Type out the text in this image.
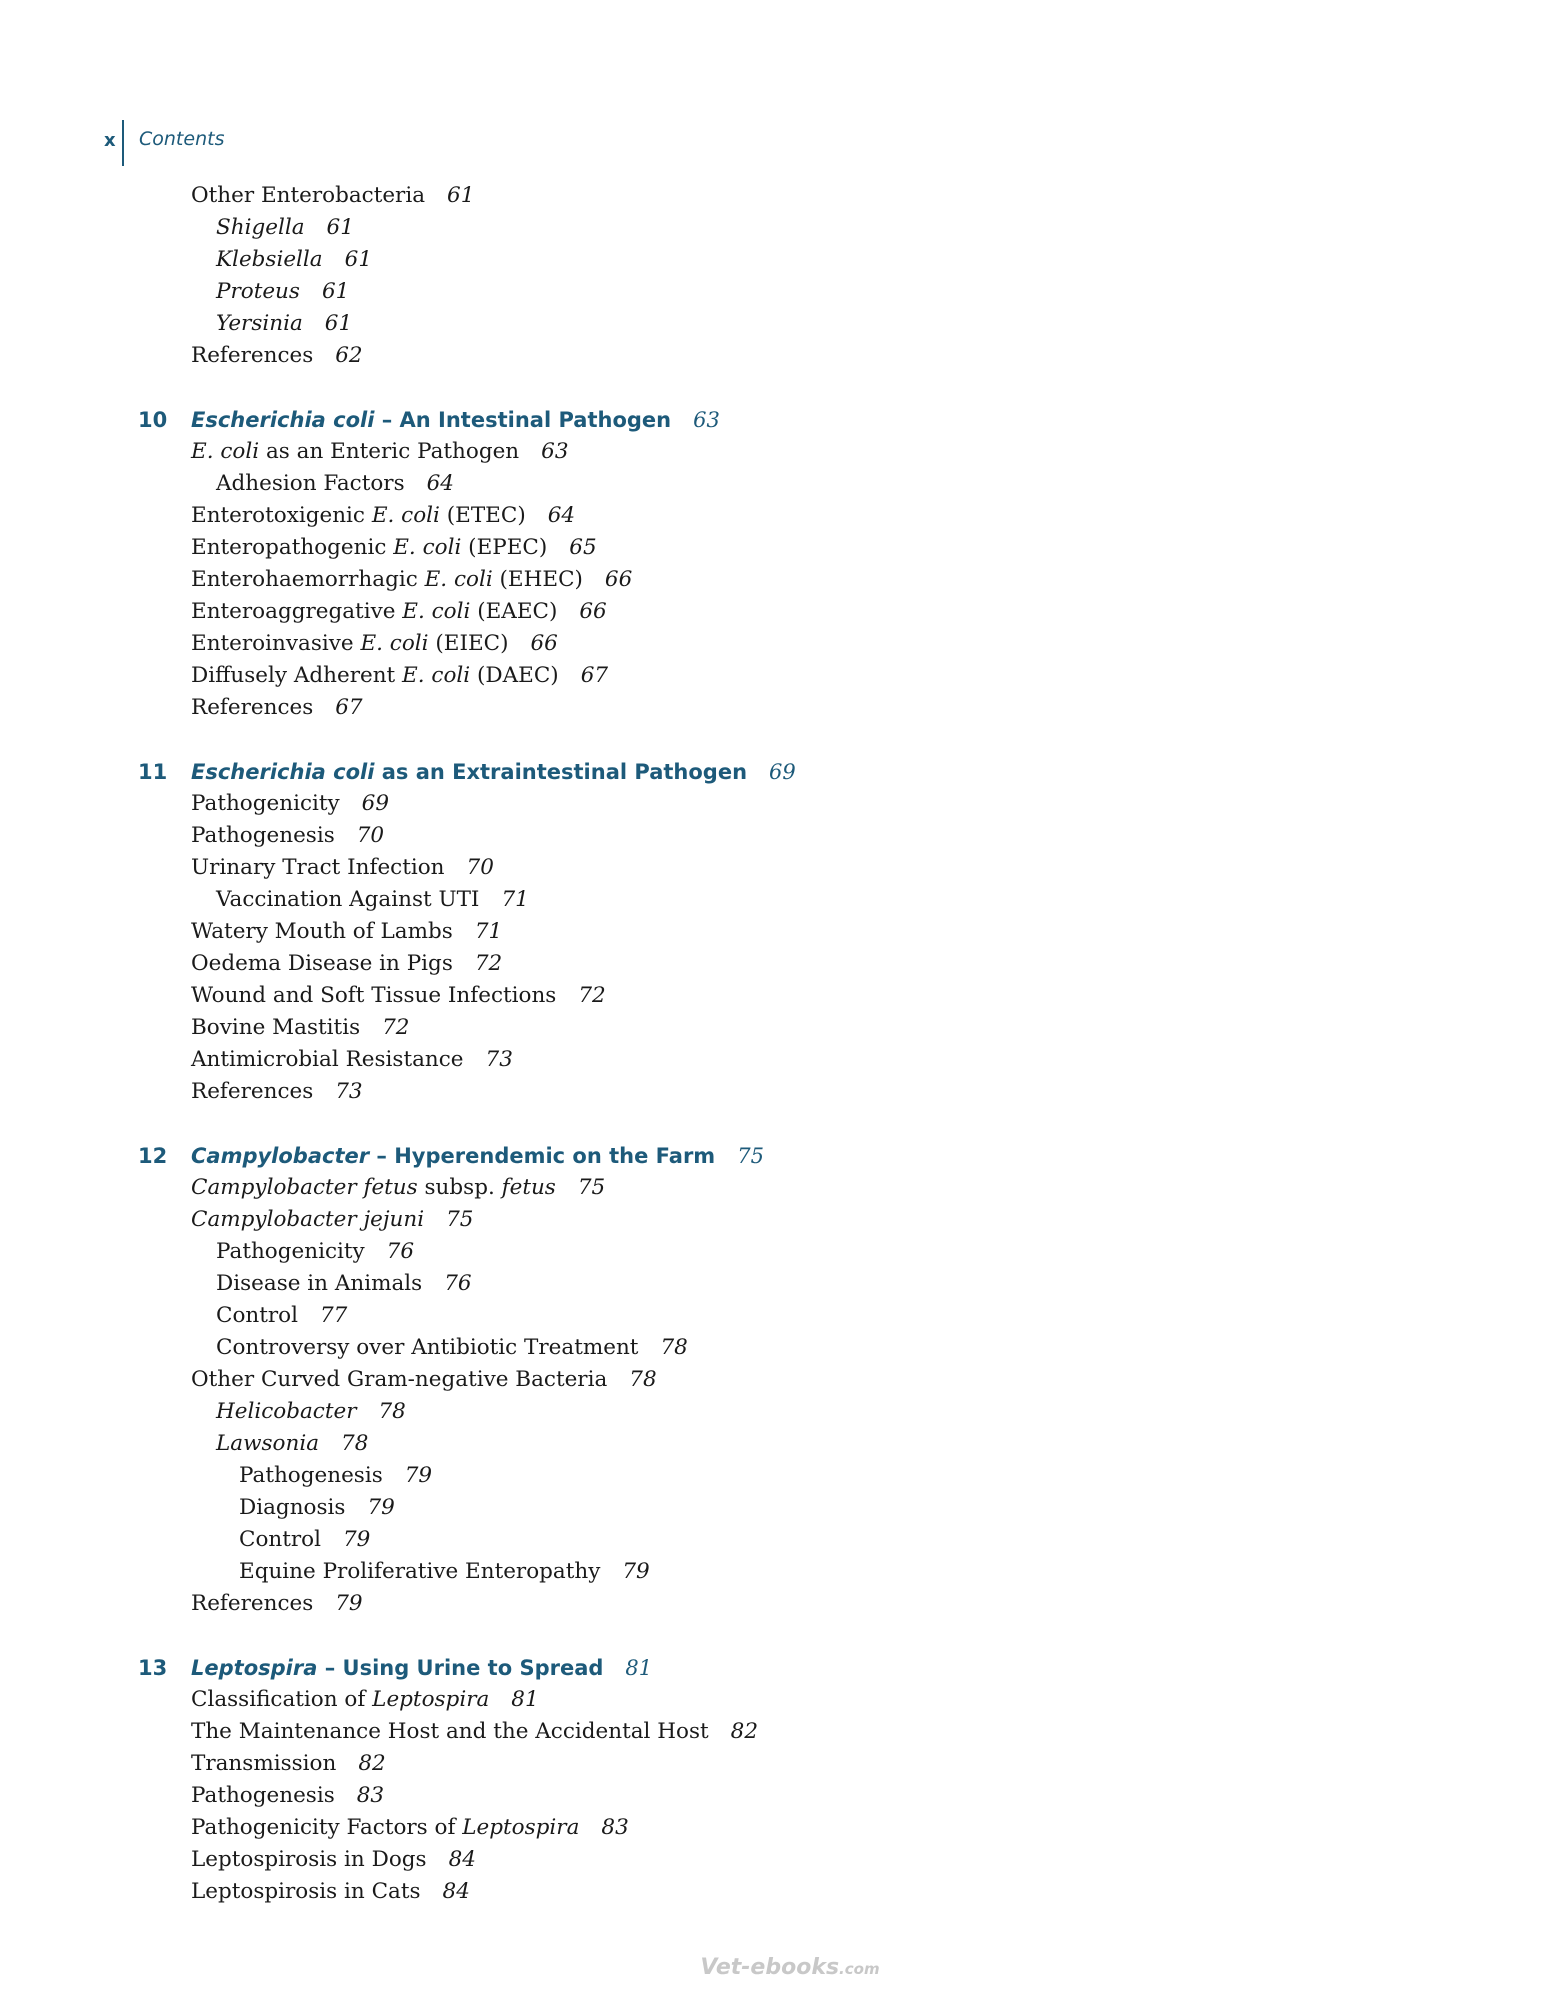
x Contents
Other Enterobacteria 61
Shigella 61
Klebsiella 61
Proteus 61
Yersinia 61
References 62
10 Escherichia coli – An Intestinal Pathogen 63
E. coli as an Enteric Pathogen 63
Adhesion Factors 64
Enterotoxigenic E. coli (ETEC) 64
Enteropathogenic E. coli (EPEC) 65
Enterohaemorrhagic E. coli (EHEC) 66
Enteroaggregative E. coli (EAEC) 66
Enteroinvasive E. coli (EIEC) 66
Diffusely Adherent E. coli (DAEC) 67
References 67
11 Escherichia coli as an Extraintestinal Pathogen 69
Pathogenicity 69
Pathogenesis 70
Urinary Tract Infection 70
Vaccination Against UTI 71
Watery Mouth of Lambs 71
Oedema Disease in Pigs 72
Wound and Soft Tissue Infections 72
Bovine Mastitis 72
Antimicrobial Resistance 73
References 73
12 Campylobacter – Hyperendemic on the Farm 75
Campylobacter fetus subsp. fetus 75
Campylobacter jejuni 75
Pathogenicity 76
Disease in Animals 76
Control 77
Controversy over Antibiotic Treatment 78
Other Curved Gram-negative Bacteria 78
Helicobacter 78
Lawsonia 78
Pathogenesis 79
Diagnosis 79
Control 79
Equine Proliferative Enteropathy 79
References 79
13 Leptospira – Using Urine to Spread 81
Classification of Leptospira 81
The Maintenance Host and the Accidental Host 82
Transmission 82
Pathogenesis 83
Pathogenicity Factors of Leptospira 83
Leptospirosis in Dogs 84
Leptospirosis in Cats 84
Vet-ebooks.com
